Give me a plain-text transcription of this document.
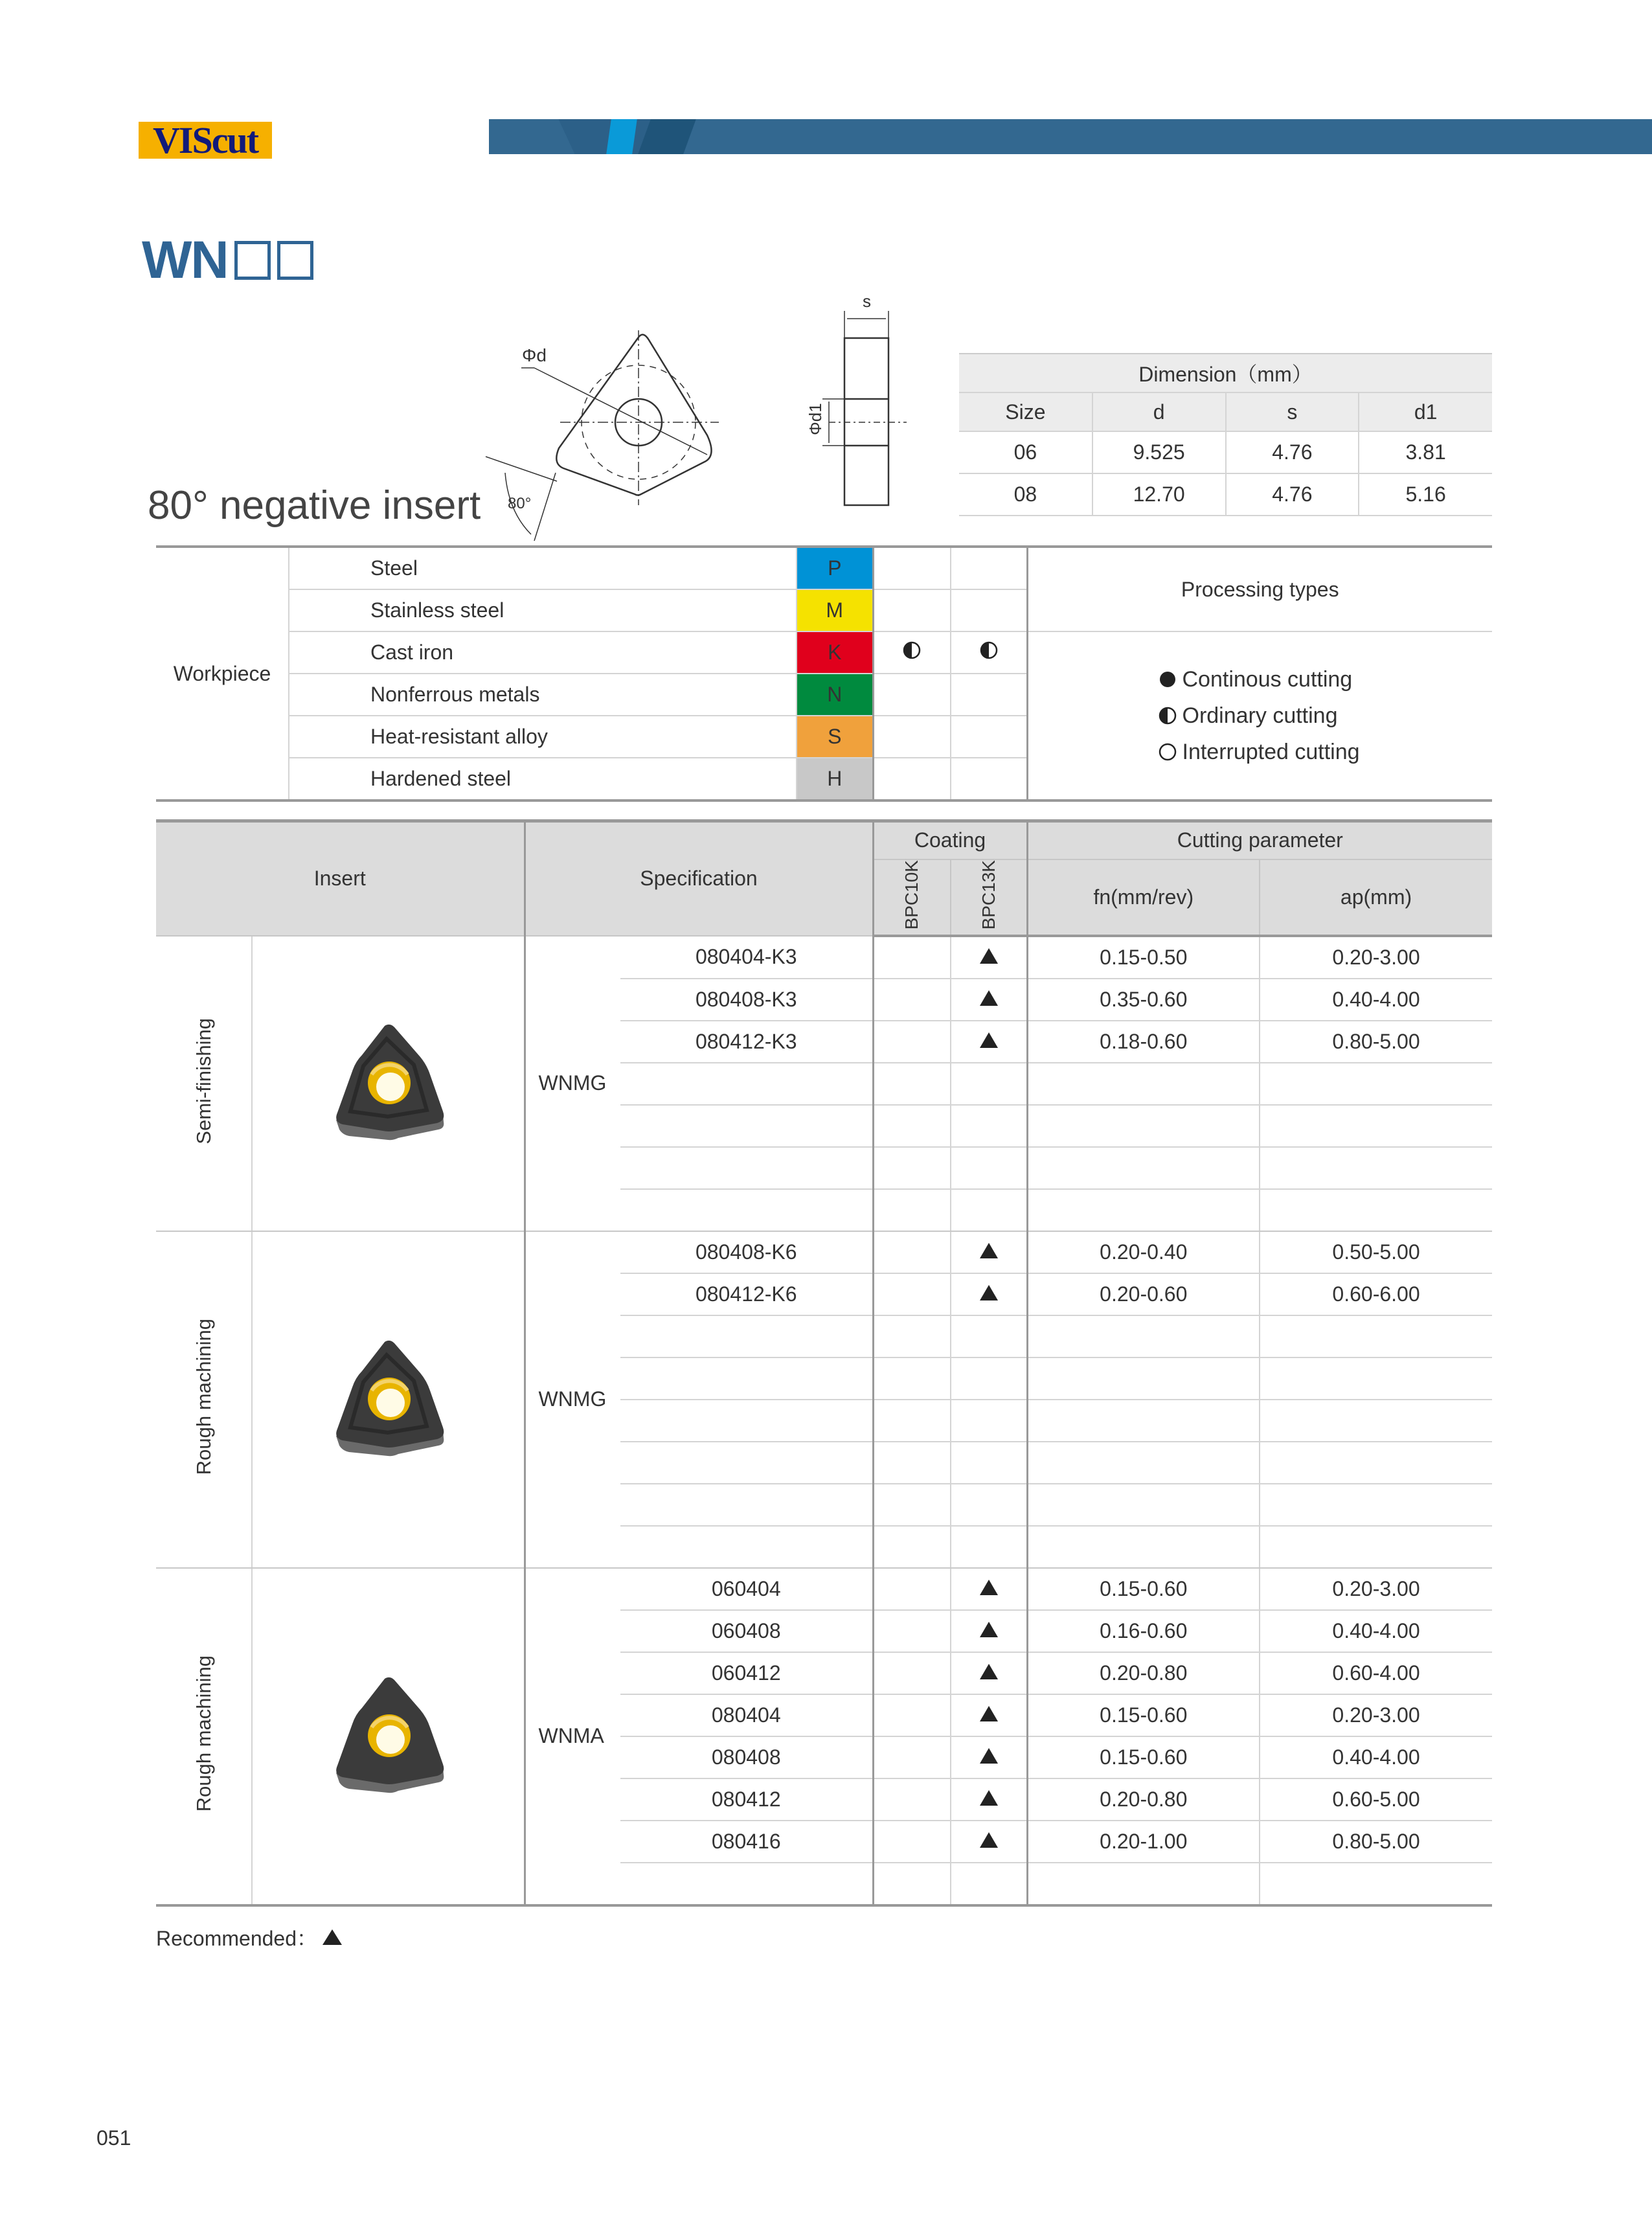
VIScut
WN
Φd
Φd1
s
80°
80° negative insert
Dimension（mm）			
Size	d	s	d1
06	9.525	4.76	3.81
08	12.70	4.76	5.16
Workpiece	Steel	P			Processing types
	Stainless steel	M			
	Cast iron	K			Continous cutting
Ordinary cutting
Interrupted cutting

	Nonferrous metals	N			
	Heat-resistant alloy	S			
	Hardened steel	H			
Insert		Specification		Coating		Cutting parameter	
				BPC10K	BPC13K	fn(mm/rev)	ap(mm)
Semi-finishing		WNMG	080404-K3			0.15-0.50	0.20-3.00
			080408-K3			0.35-0.60	0.40-4.00
			080412-K3			0.18-0.60	0.80-5.00

Rough machining		WNMG	080408-K6			0.20-0.40	0.50-5.00
			080412-K6			0.20-0.60	0.60-6.00

Rough machining		WNMA	060404			0.15-0.60	0.20-3.00
			060408			0.16-0.60	0.40-4.00
			060412			0.20-0.80	0.60-4.00
			080404			0.15-0.60	0.20-3.00
			080408			0.15-0.60	0.40-4.00
			080412			0.20-0.80	0.60-5.00
			080416			0.20-1.00	0.80-5.00

Recommended：
051
